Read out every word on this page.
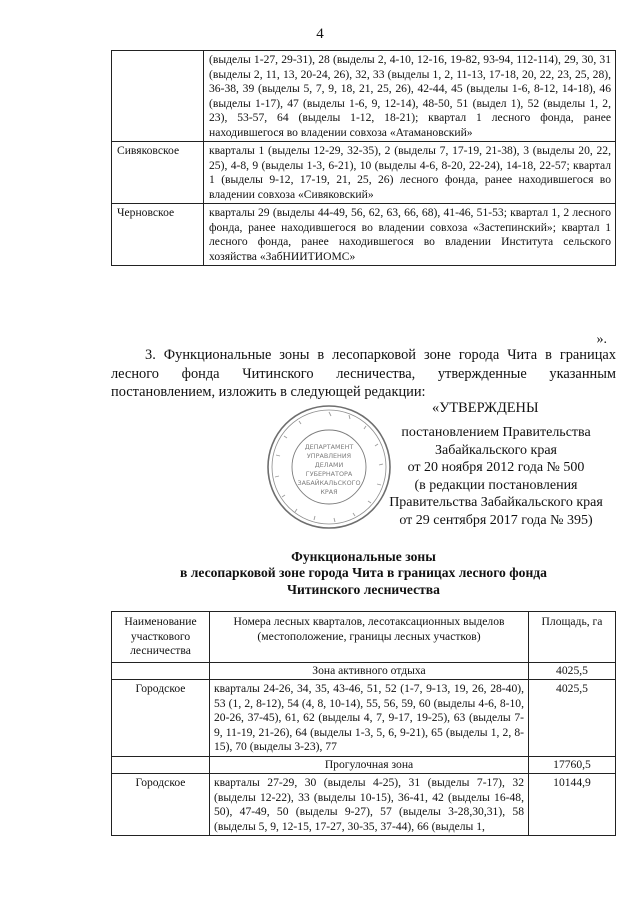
4
	(выделы 1-27, 29-31), 28 (выделы 2, 4-10, 12-16, 19-82, 93-94, 112-114), 29, 30, 31 (выделы 2, 11, 13, 20-24, 26), 32, 33 (выделы 1, 2, 11-13, 17-18, 20, 22, 23, 25, 28), 36-38, 39 (выделы 5, 7, 9, 18, 21, 25, 26), 42-44, 45 (выделы 1-6, 8-12, 14-18), 46 (выделы 1-17), 47 (выделы 1-6, 9, 12-14), 48-50, 51 (выдел 1), 52 (выделы 1, 2, 23), 53-57, 64 (выделы 1-12, 18-21); квартал 1 лесного фонда, ранее находившегося во владении совхоза «Атамановский»
Сивяковское	кварталы 1 (выделы 12-29, 32-35), 2 (выделы 7, 17-19, 21-38), 3 (выделы 20, 22, 25), 4-8, 9 (выделы 1-3, 6-21), 10 (выделы 4-6, 8-20, 22-24), 14-18, 22-57; квартал 1 (выделы 9-12, 17-19, 21, 25, 26) лесного фонда, ранее находившегося во владении совхоза «Сивяковский»
Черновское	кварталы 29 (выделы 44-49, 56, 62, 63, 66, 68), 41-46, 51-53; квартал 1, 2 лесного фонда, ранее находившегося во владении совхоза «Застепинский»; квартал 1 лесного фонда, ранее находившегося во владении Института сельского хозяйства «ЗабНИИТИОМС»
».
3. Функциональные зоны в лесопарковой зоне города Чита в границах лесного фонда Читинского лесничества, утвержденные указанным постановлением, изложить в следующей редакции:
ДЕПАРТАМЕНТ
УПРАВЛЕНИЯ
ДЕЛАМИ
ГУБЕРНАТОРА
ЗАБАЙКАЛЬСКОГО
КРАЯ
«УТВЕРЖДЕНЫ
постановлением Правительства
Забайкальского края
от 20 ноября 2012 года № 500
(в редакции постановления
Правительства Забайкальского края
от 29 сентября 2017 года № 395)
Функциональные зоны
в лесопарковой зоне города Чита в границах лесного фонда
Читинского лесничества
Наименование участкового лесничества	Номера лесных кварталов, лесотаксационных выделов (местоположение, границы лесных участков)	Площадь, га
	Зона активного отдыха	4025,5
Городское	кварталы 24-26, 34, 35, 43-46, 51, 52 (1-7, 9-13, 19, 26, 28-40), 53 (1, 2, 8-12), 54 (4, 8, 10-14), 55, 56, 59, 60 (выделы 4-6, 8-10, 20-26, 37-45), 61, 62 (выделы 4, 7, 9-17, 19-25), 63 (выделы 7-9, 11-19, 21-26), 64 (выделы 1-3, 5, 6, 9-21), 65 (выделы 1, 2, 8-15), 70 (выделы 3-23), 77	4025,5
	Прогулочная зона	17760,5
Городское	кварталы 27-29, 30 (выделы 4-25), 31 (выделы 7-17), 32 (выделы 12-22), 33 (выделы 10-15), 36-41, 42 (выделы 16-48, 50), 47-49, 50 (выделы 9-27), 57 (выделы 3-28,30,31), 58 (выделы 5, 9, 12-15, 17-27, 30-35, 37-44), 66 (выделы 1,	10144,9
